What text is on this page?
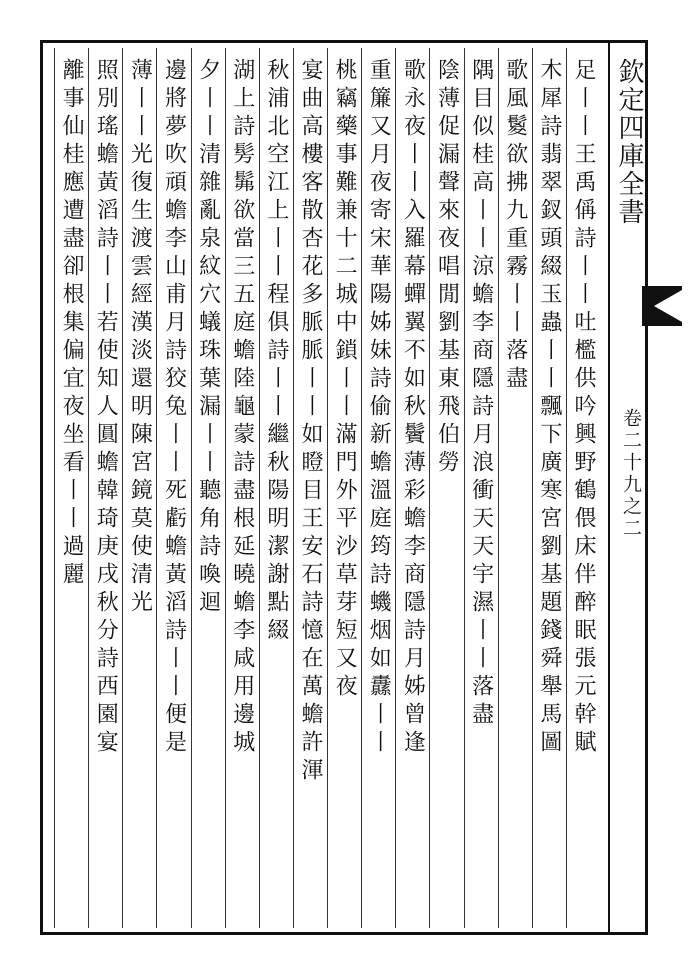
欽定四庫全書
卷二十九之二
足丨丨王禹偁詩丨丨吐檻供吟興野鶴偎床伴醉眠張元幹賦
木犀詩翡翠釵頭綴玉蟲丨丨飄下廣寒宮劉基題錢舜舉馬圖
歌風鬉欲拂九重霧丨丨落盡
隅目似桂高丨丨涼蟾李商隱詩月浪衝天天宇濕丨丨落盡
陰薄促漏聲來夜唱閒劉基東飛伯勞
歌永夜丨丨入羅幕蟬翼不如秋鬢薄彩蟾李商隱詩月姊曾逢
重簾又月夜寄宋華陽姊妹詩偷新蟾溫庭筠詩蟣烟如纛丨丨
桃竊藥事難兼十二城中鎖丨丨滿門外平沙草芽短又夜
宴曲高樓客散杏花多脈脈丨丨如瞪目王安石詩憶在萬蟾許渾
秋浦北空江上丨丨程俱詩丨丨繼秋陽明潔謝點綴
湖上詩髣髴欲當三五庭蟾陸龜蒙詩盡根延曉蟾李咸用邊城
夕丨丨清雜亂泉紋穴蟻珠葉漏丨丨聽角詩喚迴
邊將夢吹頑蟾李山甫月詩狡兔丨丨死虧蟾黃滔詩丨丨便是
薄丨丨光復生渡雲經漢淡還明陳宮鏡莫使清光
照別瑤蟾黃滔詩丨丨若使知人圓蟾韓琦庚戌秋分詩西園宴
離事仙桂應遭盡卻根集偏宜夜坐看丨丨過麗
